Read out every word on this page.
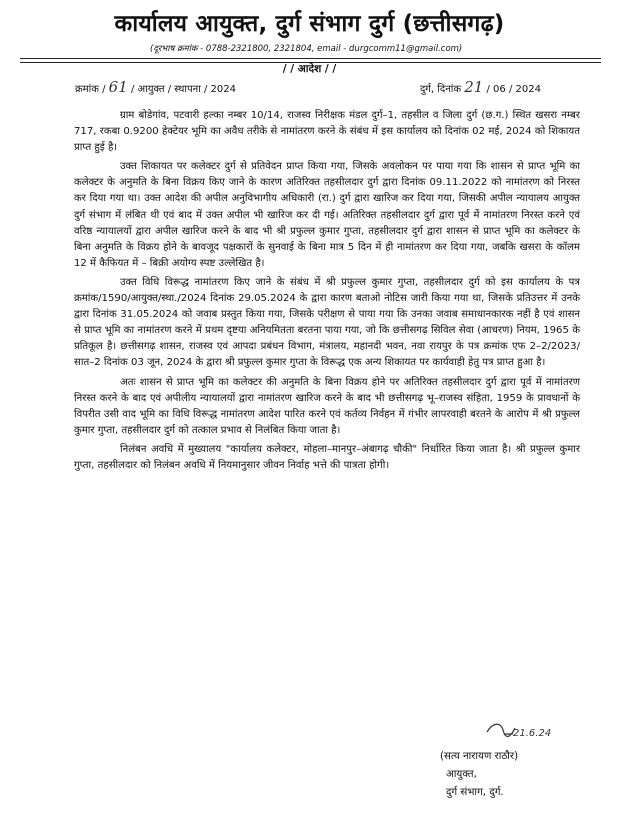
कार्यालय आयुक्त, दुर्ग संभाग दुर्ग (छत्तीसगढ़)
(दूरभाष क्रमांक - 0788-2321800, 2321804, email - durgcomm11@gmail.com)
/ / आदेश / /
क्रमांक / 61 / आयुक्त / स्थापना / 2024	दुर्ग, दिनांक 21 / 06 / 2024

ग्राम बोडेगांव, पटवारी हल्का नम्बर 10/14, राजस्व निरीक्षक मंडल दुर्ग–1, तहसील व जिला दुर्ग (छ.ग.) स्थित खसरा नम्बर 717, रकबा 0.9200 हेक्टेयर भूमि का अवैध तरीके से नामांतरण करने के संबंध में इस कार्यालय को दिनांक 02 मई, 2024 को शिकायत प्राप्त हुई है।

उक्त शिकायत पर कलेक्टर दुर्ग से प्रतिवेदन प्राप्त किया गया, जिसके अवलोकन पर पाया गया कि शासन से प्राप्त भूमि का कलेक्टर के अनुमति के बिना विक्रय किए जाने के कारण अतिरिक्त तहसीलदार दुर्ग द्वारा दिनांक 09.11.2022 को नामांतरण को निरस्त कर दिया गया था। उक्त आदेश की अपील अनुविभागीय अधिकारी (रा.) दुर्ग द्वारा खारिज कर दिया गया, जिसकी अपील न्यायालय आयुक्त दुर्ग संभाग में लंबित थी एवं बाद में उक्त अपील भी खारिज कर दी गई। अतिरिक्त तहसीलदार दुर्ग द्वारा पूर्व में नामांतरण निरस्त करने एवं वरिष्ठ न्यायालयों द्वारा अपील खारिज करने के बाद भी श्री प्रफुल्ल कुमार गुप्ता, तहसीलदार दुर्ग द्वारा शासन से प्राप्त भूमि का कलेक्टर के बिना अनुमति के विक्रय होने के बावजूद पक्षकारों के सुनवाई के बिना मात्र 5 दिन में ही नामांतरण कर दिया गया, जबकि खसरा के कॉलम 12 में कैफियत में – बिक्री अयोग्य स्पष्ट उल्लेखित है।

उक्त विधि विरूद्ध नामांतरण किए जाने के संबंध में श्री प्रफुल्ल कुमार गुप्ता, तहसीलदार दुर्ग को इस कार्यालय के पत्र क्रमांक/1590/आयुक्त/स्था./2024 दिनांक 29.05.2024 के द्वारा कारण बताओ नोटिस जारी किया गया था, जिसके प्रतिउत्तर में उनके द्वारा दिनांक 31.05.2024 को जवाब प्रस्तुत किया गया, जिसके परीक्षण से पाया गया कि उनका जवाब समाधानकारक नहीं है एवं शासन से प्राप्त भूमि का नामांतरण करने में प्रथम दृष्टया अनियमितता बरतना पाया गया, जो कि छत्तीसगढ़ सिविल सेवा (आचरण) नियम, 1965 के प्रतिकूल है। छत्तीसगढ़ शासन, राजस्व एवं आपदा प्रबंधन विभाग, मंत्रालय, महानदी भवन, नवा रायपुर के पत्र क्रमांक एफ 2–2/2023/सात–2 दिनांक 03 जून, 2024 के द्वारा श्री प्रफुल्ल कुमार गुप्ता के विरूद्ध एक अन्य शिकायत पर कार्यवाही हेतु पत्र प्राप्त हुआ है।

अतः शासन से प्राप्त भूमि का कलेक्टर की अनुमति के बिना विक्रय होने पर अतिरिक्त तहसीलदार दुर्ग द्वारा पूर्व में नामांतरण निरस्त करने के बाद एवं अपीलीय न्यायालयों द्वारा नामांतरण खारिज करने के बाद भी छत्तीसगढ़ भू–राजस्व संहिता, 1959 के प्रावधानों के विपरीत उसी वाद भूमि का विधि विरूद्ध नामांतरण आदेश पारित करने एवं कर्तव्य निर्वहन में गंभीर लापरवाही बरतने के आरोप में श्री प्रफुल्ल कुमार गुप्ता, तहसीलदार दुर्ग को तत्काल प्रभाव से निलंबित किया जाता है।

निलंबन अवधि में मुख्यालय "कार्यालय कलेक्टर, मोहला–मानपुर–अंबागढ़ चौकी" निर्धारित किया जाता है। श्री प्रफुल्ल कुमार गुप्ता, तहसीलदार को निलंबन अवधि में नियमानुसार जीवन निर्वाह भत्ते की पात्रता होगी।

21.6.24
(सत्य नारायण राठौर)
आयुक्त,
दुर्ग संभाग, दुर्ग.
